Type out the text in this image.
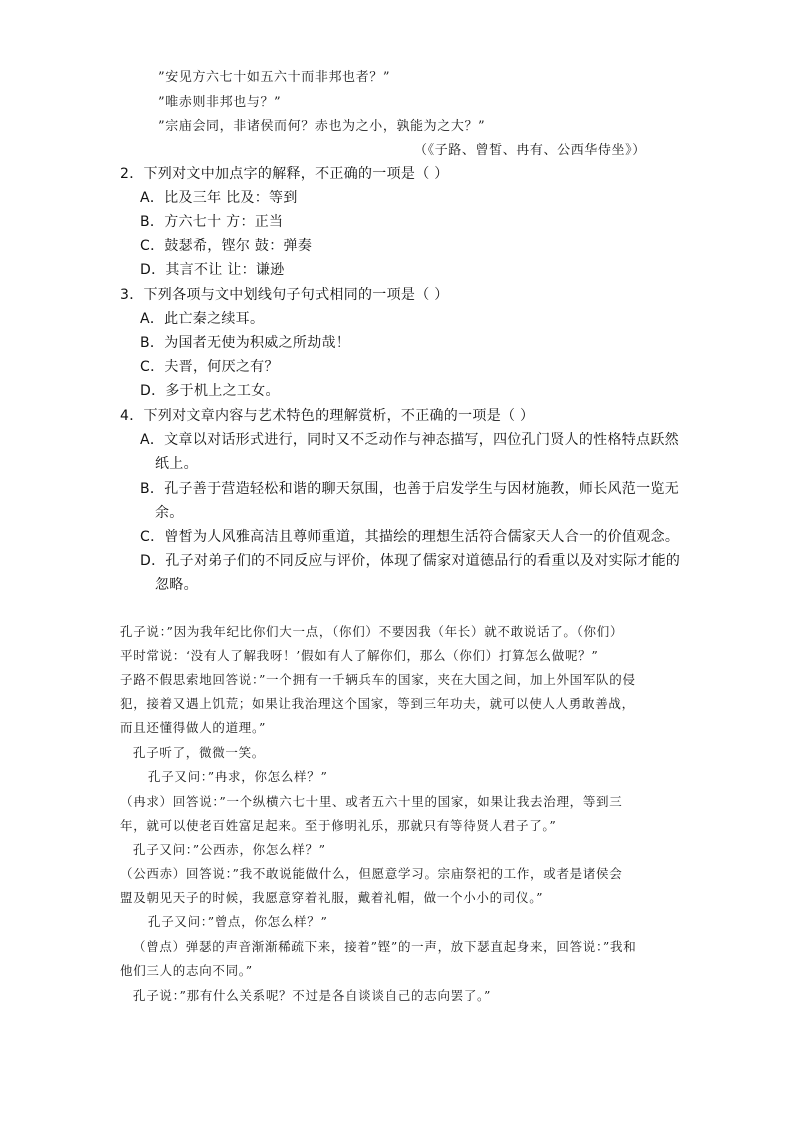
”安见方六七十如五六十而非邦也者？”
”唯赤则非邦也与？”
”宗庙会同，非诸侯而何？赤也为之小，孰能为之大？”
（《子路、曾皙、冉有、公西华侍坐》）
2．下列对文中加点字的解释，不正确的一项是（ ）
A．比及三年 比及：等到
B．方六七十 方：正当
C．鼓瑟希，铿尔 鼓：弹奏
D．其言不让 让：谦逊
3．下列各项与文中划线句子句式相同的一项是（ ）
A．此亡秦之续耳。
B．为国者无使为积威之所劫哉！
C．夫晋，何厌之有？
D．多于机上之工女。
4．下列对文章内容与艺术特色的理解赏析，不正确的一项是（ ）
A．文章以对话形式进行，同时又不乏动作与神态描写，四位孔门贤人的性格特点跃然
纸上。
B．孔子善于营造轻松和谐的聊天氛围，也善于启发学生与因材施教，师长风范一览无
余。
C．曾皙为人风雅高洁且尊师重道，其描绘的理想生活符合儒家天人合一的价值观念。
D．孔子对弟子们的不同反应与评价，体现了儒家对道德品行的看重以及对实际才能的
忽略。
孔子说：”因为我年纪比你们大一点，（你们）不要因我（年长）就不敢说话了。（你们）
平时常说：‘没有人了解我呀！’假如有人了解你们，那么（你们）打算怎么做呢？”
子路不假思索地回答说：”一个拥有一千辆兵车的国家，夹在大国之间，加上外国军队的侵
犯，接着又遇上饥荒；如果让我治理这个国家，等到三年功夫，就可以使人人勇敢善战，
而且还懂得做人的道理。”
孔子听了，微微一笑。
孔子又问：”冉求，你怎么样？”
（冉求）回答说：”一个纵横六七十里、或者五六十里的国家，如果让我去治理，等到三
年，就可以使老百姓富足起来。至于修明礼乐，那就只有等待贤人君子了。”
孔子又问：”公西赤，你怎么样？”
（公西赤）回答说：”我不敢说能做什么，但愿意学习。宗庙祭祀的工作，或者是诸侯会
盟及朝见天子的时候，我愿意穿着礼服，戴着礼帽，做一个小小的司仪。”
孔子又问：”曾点，你怎么样？”
（曾点）弹瑟的声音渐渐稀疏下来，接着”铿”的一声，放下瑟直起身来，回答说：”我和
他们三人的志向不同。”
孔子说：”那有什么关系呢？不过是各自谈谈自己的志向罢了。”
